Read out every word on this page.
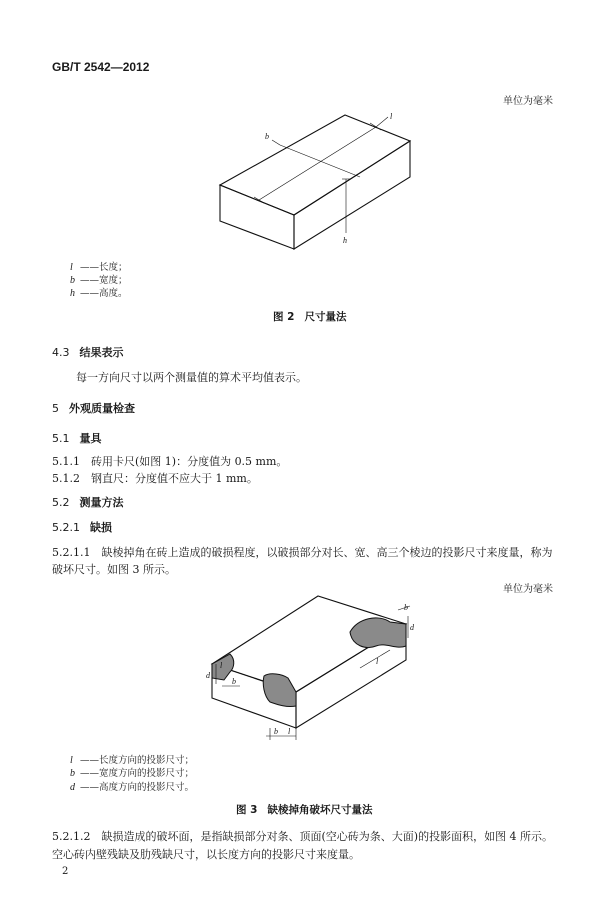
GB/T 2542—2012
单位为毫米
l
b
h
l ——长度；
b ——宽度；
h ——高度。
图 2 尺寸量法
4.3 结果表示
每一方向尺寸以两个测量值的算术平均值表示。
5 外观质量检查
5.1 量具
5.1.1　砖用卡尺(如图 1)：分度值为 0.5 mm。
5.1.2　钢直尺：分度值不应大于 1 mm。
5.2 测量方法
5.2.1 缺损
5.2.1.1　缺棱掉角在砖上造成的破损程度，以破损部分对长、宽、高三个棱边的投影尺寸来度量，称为
破坏尺寸。如图 3 所示。
单位为毫米
b
d
l
l
d
b
b l
l ——长度方向的投影尺寸；
b ——宽度方向的投影尺寸；
d ——高度方向的投影尺寸。
图 3 缺棱掉角破坏尺寸量法
5.2.1.2　缺损造成的破坏面，是指缺损部分对条、顶面(空心砖为条、大面)的投影面积，如图 4 所示。
空心砖内壁残缺及肋残缺尺寸，以长度方向的投影尺寸来度量。
2
